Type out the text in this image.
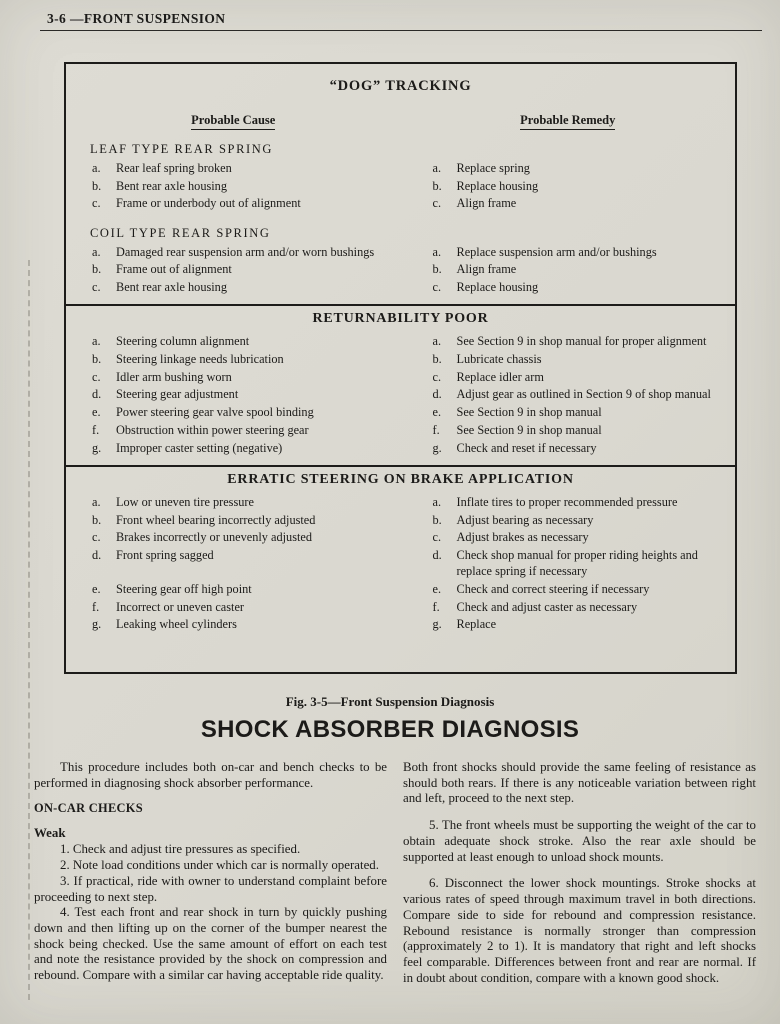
3-6 —FRONT SUSPENSION
“DOG” TRACKING
Probable Cause	Probable Remedy
LEAF TYPE REAR SPRING
a.	Rear leaf spring broken	a.	Replace spring
b.	Bent rear axle housing	b.	Replace housing
c.	Frame or underbody out of alignment	c.	Align frame
COIL TYPE REAR SPRING
a.	Damaged rear suspension arm and/or worn bushings	a.	Replace suspension arm and/or bushings
b.	Frame out of alignment	b.	Align frame
c.	Bent rear axle housing	c.	Replace housing
RETURNABILITY POOR
a.	Steering column alignment	a.	See Section 9 in shop manual for proper alignment
b.	Steering linkage needs lubrication	b.	Lubricate chassis
c.	Idler arm bushing worn	c.	Replace idler arm
d.	Steering gear adjustment	d.	Adjust gear as outlined in Section 9 of shop manual
e.	Power steering gear valve spool binding	e.	See Section 9 in shop manual
f.	Obstruction within power steering gear	f.	See Section 9 in shop manual
g.	Improper caster setting (negative)	g.	Check and reset if necessary
ERRATIC STEERING ON BRAKE APPLICATION
a.	Low or uneven tire pressure	a.	Inflate tires to proper recommended pressure
b.	Front wheel bearing incorrectly adjusted	b.	Adjust bearing as necessary
c.	Brakes incorrectly or unevenly adjusted	c.	Adjust brakes as necessary
d.	Front spring sagged	d.	Check shop manual for proper riding heights and replace spring if necessary
e.	Steering gear off high point	e.	Check and correct steering if necessary
f.	Incorrect or uneven caster	f.	Check and adjust caster as necessary
g.	Leaking wheel cylinders	g.	Replace
Fig. 3-5—Front Suspension Diagnosis
SHOCK ABSORBER DIAGNOSIS

This procedure includes both on-car and bench checks to be performed in diagnosing shock absorber performance.

ON-CAR CHECKS

Weak

1. Check and adjust tire pressures as specified.

2. Note load conditions under which car is normally operated.

3. If practical, ride with owner to understand complaint before proceeding to next step.

4. Test each front and rear shock in turn by quickly pushing down and then lifting up on the corner of the bumper nearest the shock being checked. Use the same amount of effort on each test and note the resistance provided by the shock on compression and rebound. Compare with a similar car having acceptable ride quality.

Both front shocks should provide the same feeling of resistance as should both rears. If there is any noticeable variation between right and left, proceed to the next step.

5. The front wheels must be supporting the weight of the car to obtain adequate shock stroke. Also the rear axle should be supported at least enough to unload shock mounts.

6. Disconnect the lower shock mountings. Stroke shocks at various rates of speed through maximum travel in both directions. Compare side to side for rebound and compression resistance. Rebound resistance is normally stronger than compression (approximately 2 to 1). It is mandatory that right and left shocks feel comparable. Differences between front and rear are normal. If in doubt about condition, compare with a known good shock.
